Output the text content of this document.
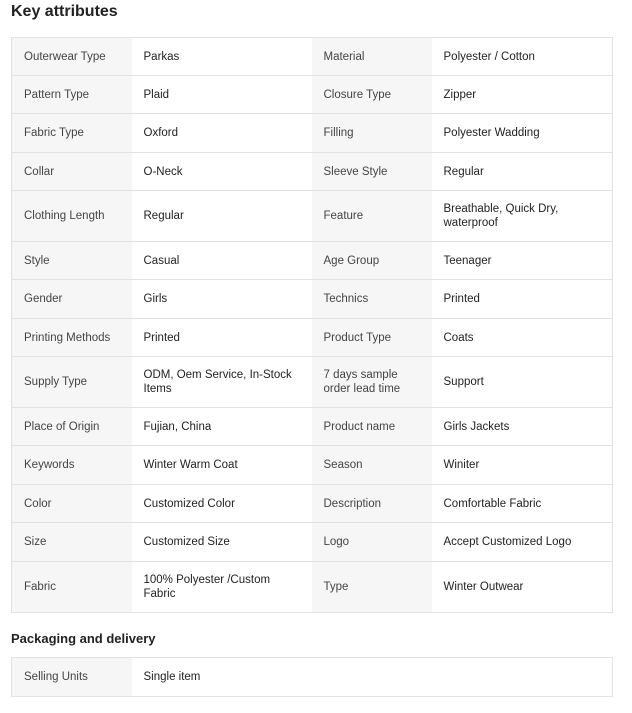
Key attributes
Outerwear Type	Parkas	Material	Polyester / Cotton
Pattern Type	Plaid	Closure Type	Zipper
Fabric Type	Oxford	Filling	Polyester Wadding
Collar	O-Neck	Sleeve Style	Regular
Clothing Length	Regular	Feature	Breathable, Quick Dry, waterproof
Style	Casual	Age Group	Teenager
Gender	Girls	Technics	Printed
Printing Methods	Printed	Product Type	Coats
Supply Type	ODM, Oem Service, In-Stock Items	7 days sample order lead time	Support
Place of Origin	Fujian, China	Product name	Girls Jackets
Keywords	Winter Warm Coat	Season	Winiter
Color	Customized Color	Description	Comfortable Fabric
Size	Customized Size	Logo	Accept Customized Logo
Fabric	100% Polyester /Custom Fabric	Type	Winter Outwear
Packaging and delivery
Selling Units	Single item
